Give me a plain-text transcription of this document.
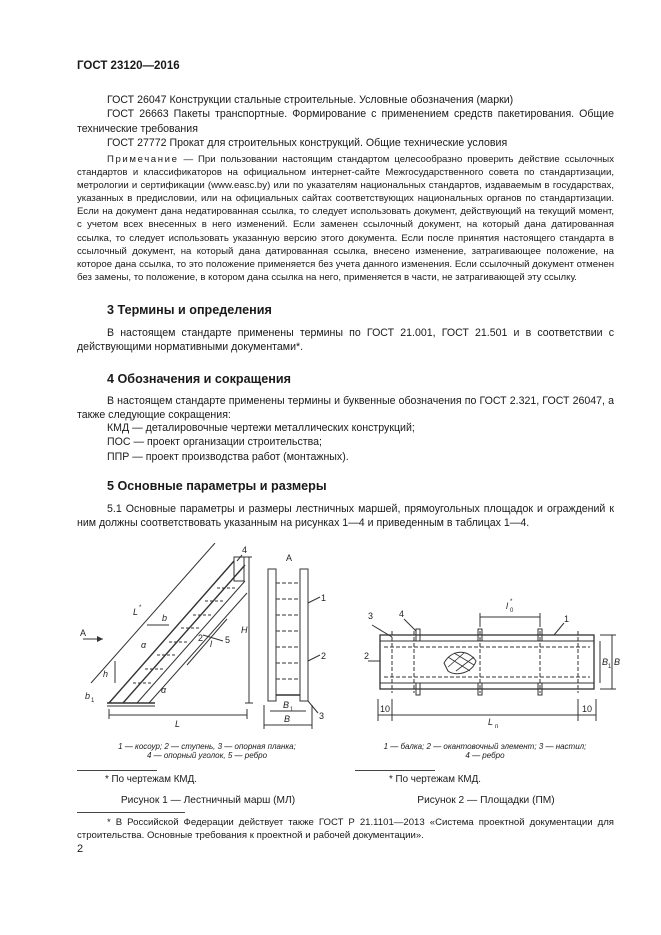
ГОСТ 23120—2016
ГОСТ 26047 Конструкции стальные строительные. Условные обозначения (марки)
ГОСТ 26663 Пакеты транспортные. Формирование с применением средств пакетирования. Общие технические требования
ГОСТ 27772 Прокат для строительных конструкций. Общие технические условия
Примечание — При пользовании настоящим стандартом целесообразно проверить действие ссылочных стандартов и классификаторов на официальном интернет-сайте Межгосударственного совета по стандартизации, метрологии и сертификации (www.easc.by) или по указателям национальных стандартов, издаваемым в государствах, указанных в предисловии, или на официальных сайтах соответствующих национальных органов по стандартизации. Если на документ дана недатированная ссылка, то следует использовать документ, действующий на текущий момент, с учетом всех внесенных в него изменений. Если заменен ссылочный документ, на который дана датированная ссылка, то следует использовать указанную версию этого документа. Если после принятия настоящего стандарта в ссылочный документ, на который дана датированная ссылка, внесено изменение, затрагивающее положение, на которое дана ссылка, то это положение применяется без учета данного изменения. Если ссылочный документ отменен без замены, то положение, в котором дана ссылка на него, применяется в части, не затрагивающей эту ссылку.
3 Термины и определения
В настоящем стандарте применены термины по ГОСТ 21.001, ГОСТ 21.501 и в соответствии с действующими нормативными документами*.
4 Обозначения и сокращения
В настоящем стандарте применены термины и буквенные обозначения по ГОСТ 2.321, ГОСТ 26047, а также следующие сокращения:
КМД — деталировочные чертежи металлических конструкций;
ПОС — проект организации строительства;
ППР — проект производства работ (монтажных).
5 Основные параметры и размеры
5.1 Основные параметры и размеры лестничных маршей, прямоугольных площадок и ограждений к ним должны соответствовать указанным на рисунках 1—4 и приведенным в таблицах 1—4.
А
4
5
2
b
h
b 1
α
α
L
H
L *
l
А
1
2
3
B 1
B
3	4	1
2
l 0
*
L п
10	10
B
B 1
1 — косоур; 2 — ступень, 3 — опорная планка;
4 — опорный уголок, 5 — ребро
1 — балка; 2 — окантовочный элемент; 3 — настил;
4 — ребро
* По чертежам КМД.	* По чертежам КМД.
Рисунок 1 — Лестничный марш (МЛ)	Рисунок 2 — Площадки (ПМ)
* В Российской Федерации действует также ГОСТ Р 21.1101—2013 «Система проектной документации для строительства. Основные требования к проектной и рабочей документации».
2
